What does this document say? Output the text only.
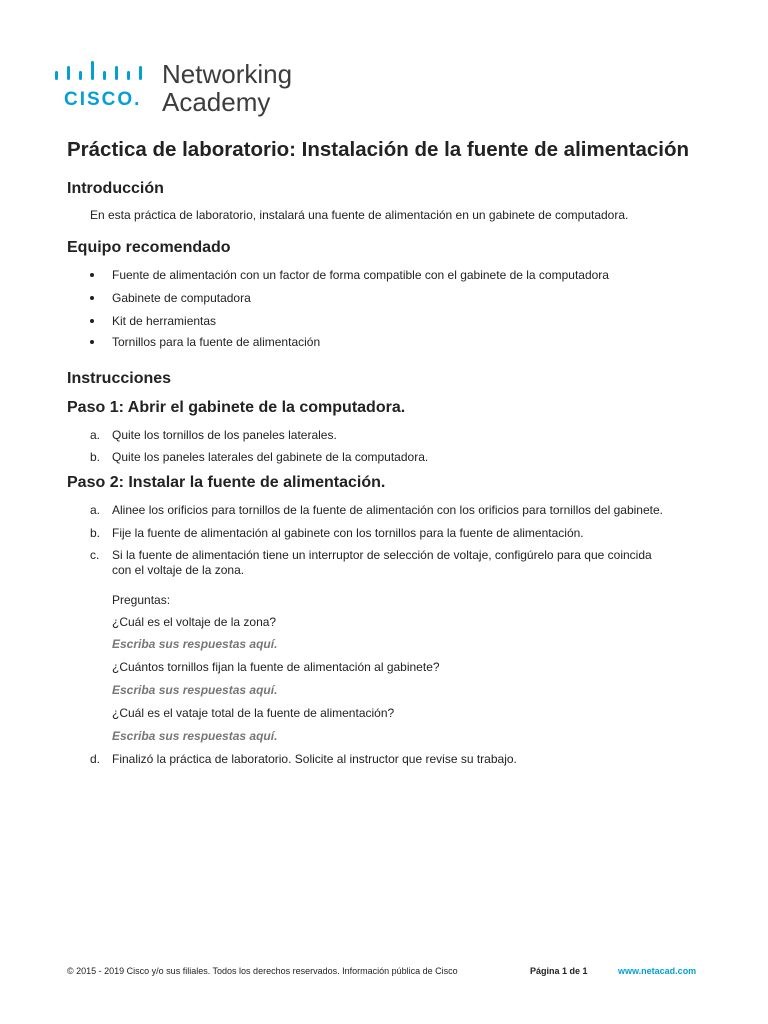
CISCO.
Networking
Academy
Práctica de laboratorio: Instalación de la fuente de alimentación
Introducción

En esta práctica de laboratorio, instalará una fuente de alimentación en un gabinete de computadora.

Equipo recomendado

Fuente de alimentación con un factor de forma compatible con el gabinete de la computadora

Gabinete de computadora

Kit de herramientas

Tornillos para la fuente de alimentación

Instrucciones
Paso 1: Abrir el gabinete de la computadora.
a. Quite los tornillos de los paneles laterales.

b. Quite los paneles laterales del gabinete de la computadora.

Paso 2: Instalar la fuente de alimentación.
a. Alinee los orificios para tornillos de la fuente de alimentación con los orificios para tornillos del gabinete.

b. Fije la fuente de alimentación al gabinete con los tornillos para la fuente de alimentación.

c. Si la fuente de alimentación tiene un interruptor de selección de voltaje, configúrelo para que coincida

con el voltaje de la zona.

Preguntas:

¿Cuál es el voltaje de la zona?

Escriba sus respuestas aquí.

¿Cuántos tornillos fijan la fuente de alimentación al gabinete?

Escriba sus respuestas aquí.

¿Cuál es el vataje total de la fuente de alimentación?

Escriba sus respuestas aquí.

d. Finalizó la práctica de laboratorio. Solicite al instructor que revise su trabajo.

© 2015 - 2019 Cisco y/o sus filiales. Todos los derechos reservados. Información pública de Cisco	Página 1 de 1	www.netacad.com
